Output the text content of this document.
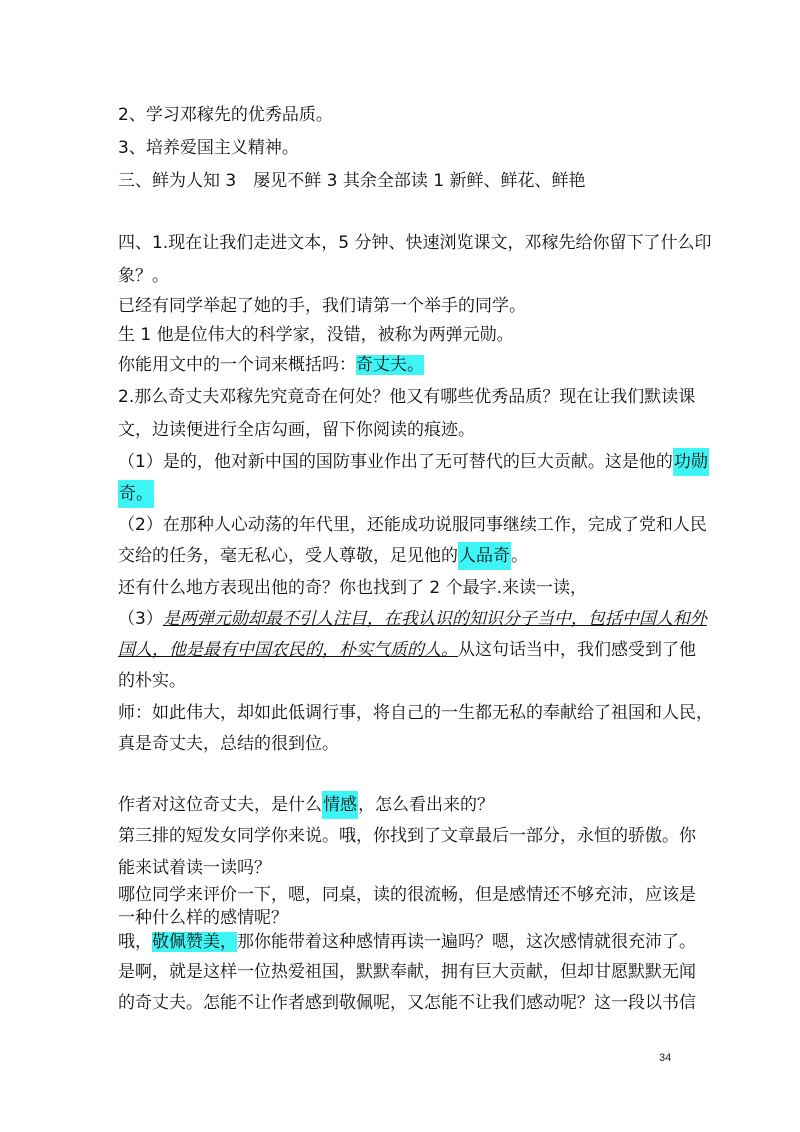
2、学习邓稼先的优秀品质。
3、培养爱国主义精神。
三、鲜为人知 3　屡见不鲜 3 其余全部读 1 新鲜、鲜花、鲜艳
四、1.现在让我们走进文本，5 分钟、快速浏览课文，邓稼先给你留下了什么印
象？。
已经有同学举起了她的手，我们请第一个举手的同学。
生 1 他是位伟大的科学家，没错，被称为两弹元勋。
你能用文中的一个词来概括吗：奇丈夫。
2.那么奇丈夫邓稼先究竟奇在何处？他又有哪些优秀品质？现在让我们默读课
文，边读便进行全店勾画，留下你阅读的痕迹。
（1）是的，他对新中国的国防事业作出了无可替代的巨大贡献。这是他的功勋
奇。
（2）在那种人心动荡的年代里，还能成功说服同事继续工作，完成了党和人民
交给的任务，毫无私心，受人尊敬，足见他的人品奇。
还有什么地方表现出他的奇？你也找到了 2 个最字.来读一读，
（3）是两弹元勋却最不引人注目，在我认识的知识分子当中，包括中国人和外
国人，他是最有中国农民的，朴实气质的人。从这句话当中，我们感受到了他
的朴实。
师：如此伟大，却如此低调行事，将自己的一生都无私的奉献给了祖国和人民，
真是奇丈夫，总结的很到位。
作者对这位奇丈夫，是什么情感，怎么看出来的？
第三排的短发女同学你来说。哦，你找到了文章最后一部分，永恒的骄傲。你
能来试着读一读吗？
哪位同学来评价一下，嗯，同桌，读的很流畅，但是感情还不够充沛，应该是
一种什么样的感情呢？
哦，敬佩赞美，那你能带着这种感情再读一遍吗？嗯，这次感情就很充沛了。
是啊，就是这样一位热爱祖国，默默奉献，拥有巨大贡献，但却甘愿默默无闻
的奇丈夫。怎能不让作者感到敬佩呢，又怎能不让我们感动呢？这一段以书信
34
